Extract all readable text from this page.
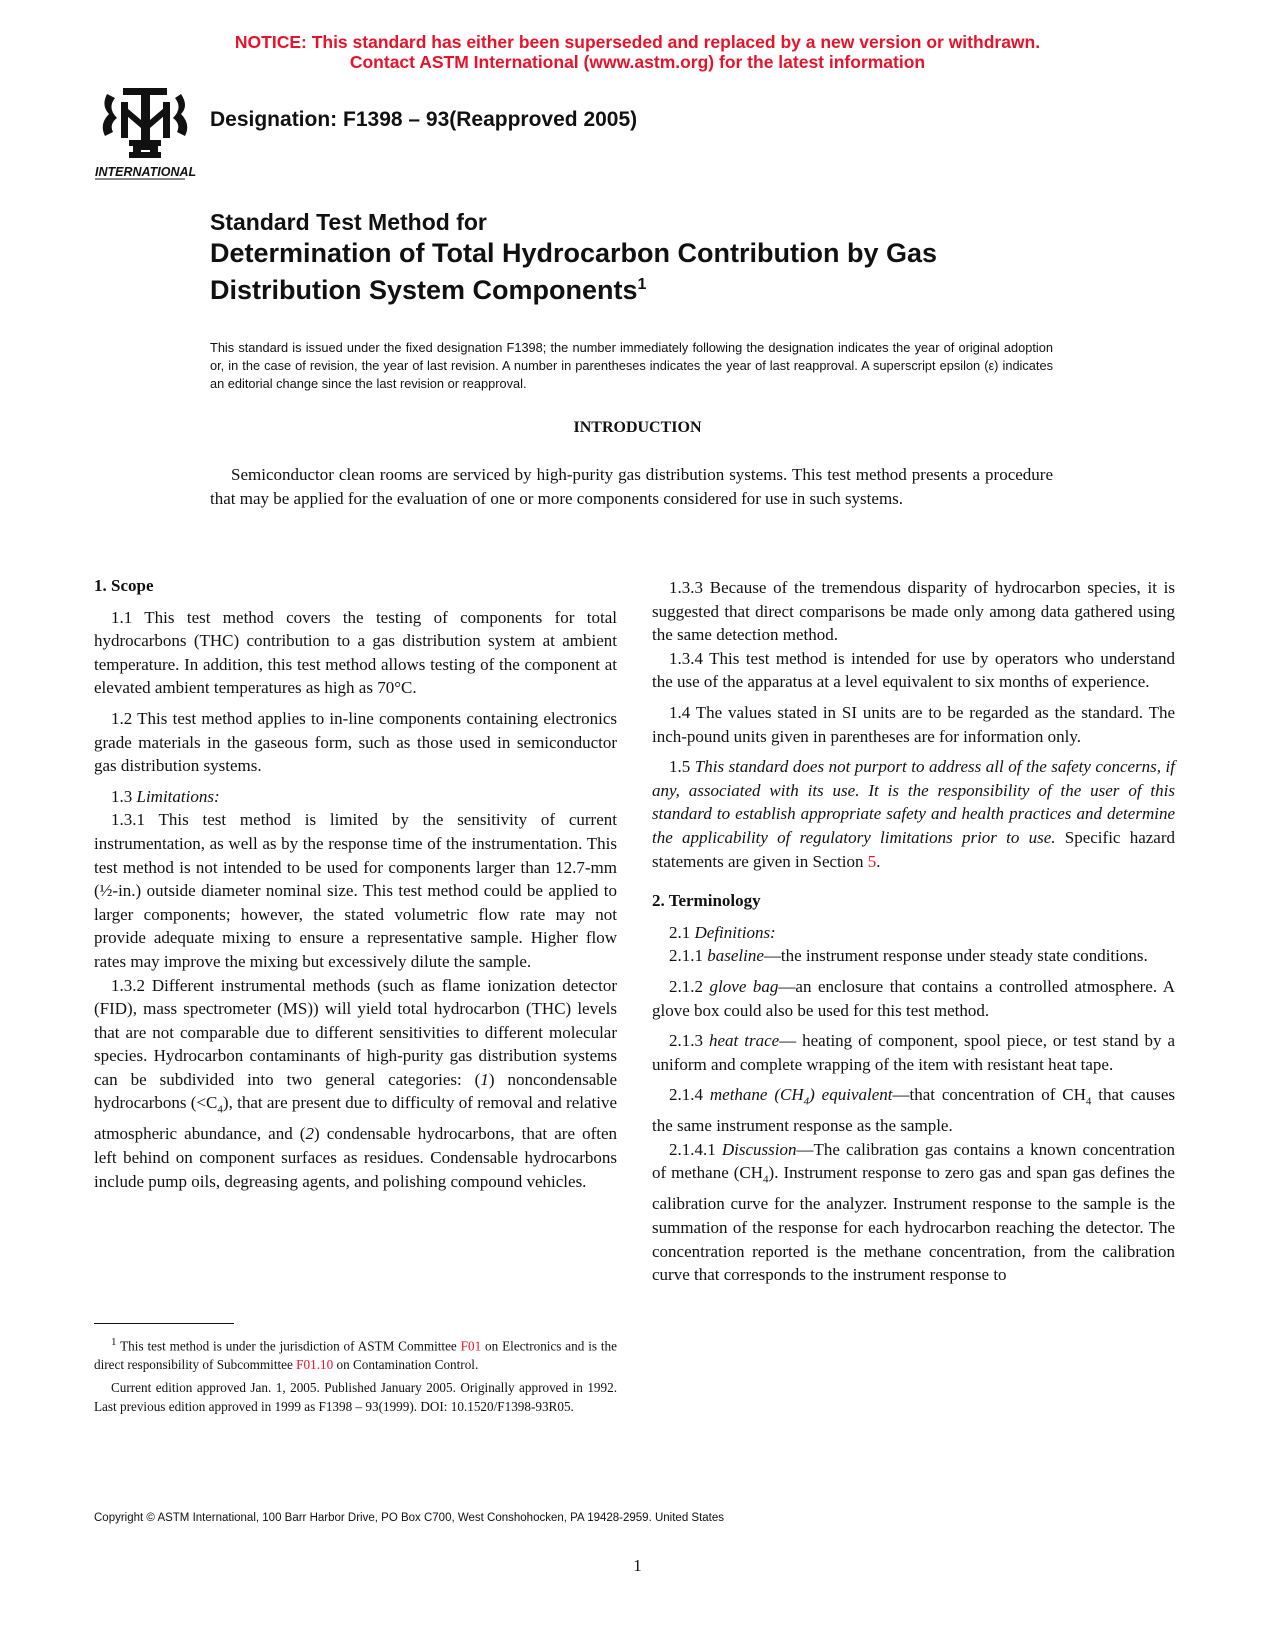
NOTICE: This standard has either been superseded and replaced by a new version or withdrawn.
Contact ASTM International (www.astm.org) for the latest information
INTERNATIONAL
Designation: F1398 – 93(Reapproved 2005)
Standard Test Method for
Determination of Total Hydrocarbon Contribution by Gas
Distribution System Components$^1$
This standard is issued under the fixed designation F1398; the number immediately following the designation indicates the year of original adoption or, in the case of revision, the year of last revision. A number in parentheses indicates the year of last reapproval. A superscript epsilon (ε) indicates an editorial change since the last revision or reapproval.
INTRODUCTION

Semiconductor clean rooms are serviced by high-purity gas distribution systems. This test method presents a procedure that may be applied for the evaluation of one or more components considered for use in such systems.

1. Scope

1.1 This test method covers the testing of components for total hydrocarbons (THC) contribution to a gas distribution system at ambient temperature. In addition, this test method allows testing of the component at elevated ambient temperatures as high as 70°C.

1.2 This test method applies to in-line components containing electronics grade materials in the gaseous form, such as those used in semiconductor gas distribution systems.

1.3 Limitations:

1.3.1 This test method is limited by the sensitivity of current instrumentation, as well as by the response time of the instrumentation. This test method is not intended to be used for components larger than 12.7-mm (½-in.) outside diameter nominal size. This test method could be applied to larger components; however, the stated volumetric flow rate may not provide adequate mixing to ensure a representative sample. Higher flow rates may improve the mixing but excessively dilute the sample.

1.3.2 Different instrumental methods (such as flame ionization detector (FID), mass spectrometer (MS)) will yield total hydrocarbon (THC) levels that are not comparable due to different sensitivities to different molecular species. Hydrocarbon contaminants of high-purity gas distribution systems can be subdivided into two general categories: (1) noncondensable hydrocarbons $(<C_4)$, that are present due to difficulty of removal and relative atmospheric abundance, and (2) condensable hydrocarbons, that are often left behind on component surfaces as residues. Condensable hydrocarbons include pump oils, degreasing agents, and polishing compound vehicles.

$^1$ This test method is under the jurisdiction of ASTM Committee F01 on Electronics and is the direct responsibility of Subcommittee F01.10 on Contamination Control.

Current edition approved Jan. 1, 2005. Published January 2005. Originally approved in 1992. Last previous edition approved in 1999 as F1398 – 93(1999). DOI: 10.1520/F1398-93R05.

1.3.3 Because of the tremendous disparity of hydrocarbon species, it is suggested that direct comparisons be made only among data gathered using the same detection method.

1.3.4 This test method is intended for use by operators who understand the use of the apparatus at a level equivalent to six months of experience.

1.4 The values stated in SI units are to be regarded as the standard. The inch-pound units given in parentheses are for information only.

1.5 This standard does not purport to address all of the safety concerns, if any, associated with its use. It is the responsibility of the user of this standard to establish appropriate safety and health practices and determine the applicability of regulatory limitations prior to use. Specific hazard statements are given in Section 5.

2. Terminology

2.1 Definitions:

2.1.1 baseline—the instrument response under steady state conditions.

2.1.2 glove bag—an enclosure that contains a controlled atmosphere. A glove box could also be used for this test method.

2.1.3 heat trace— heating of component, spool piece, or test stand by a uniform and complete wrapping of the item with resistant heat tape.

2.1.4 methane $(CH_4)$ equivalent—that concentration of $CH_4$ that causes the same instrument response as the sample.

2.1.4.1 Discussion—The calibration gas contains a known concentration of methane $(CH_4)$. Instrument response to zero gas and span gas defines the calibration curve for the analyzer. Instrument response to the sample is the summation of the response for each hydrocarbon reaching the detector. The concentration reported is the methane concentration, from the calibration curve that corresponds to the instrument response to

Copyright © ASTM International, 100 Barr Harbor Drive, PO Box C700, West Conshohocken, PA 19428-2959. United States
1
